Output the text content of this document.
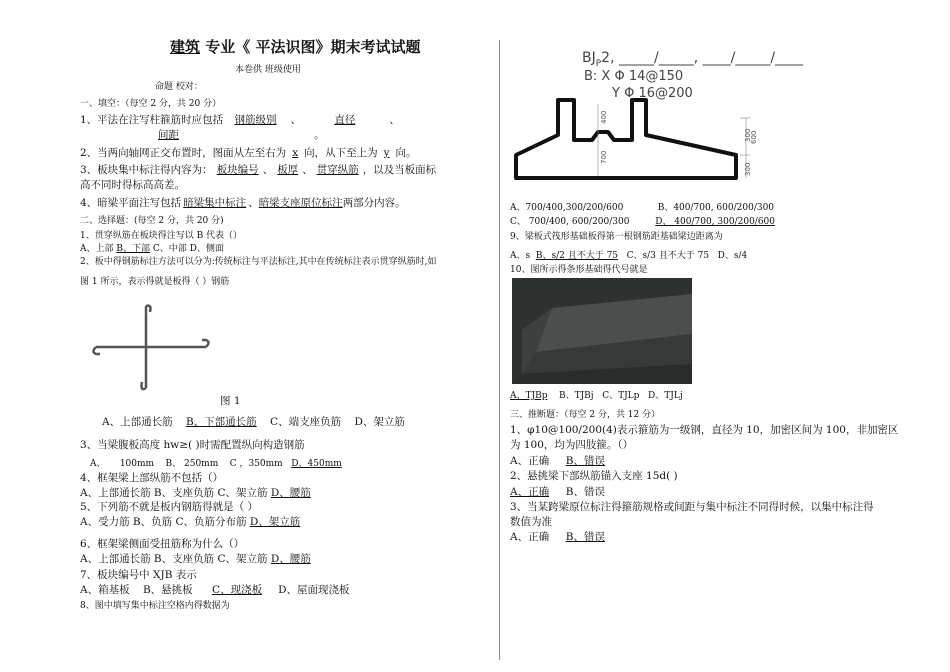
建筑 专业《 平法识图》期末考试试题
本卷供 班级使用
命题 校对：
一、填空：（每空 2 分，共 20 分）
1、平法在注写柱箍筋时应包括 钢筋级别 、	直径	、
间距	。
2、当两向轴网正交布置时，图面从左至右为 x 向，从下至上为 y 向。
3、板块集中标注得内容为： 板块编号 、 板厚 、 贯穿纵筋 ，以及当板面标
高不同时得标高高差。
4、暗梁平面注写包括 暗梁集中标注 、暗梁支座原位标注两部分内容。
二、选择题：(每空 2 分，共 20 分)
1、贯穿纵筋在板块得注写以 B 代表（）
A、上部 B、下部 C、中部 D、侧面
2、板中得钢筋标注方法可以分为:传统标注与平法标注,其中在传统标注表示贯穿纵筋时,如
图 1 所示，表示得就是板得（ ）钢筋
图 1
A、上部通长筋 B、下部通长筋 C、端支座负筋 D、架立筋
3、当梁腹板高度 hw≥( )时需配置纵向构造钢筋
A、 100mm B、 250mm C ，350mm D、450mm
4、框架梁上部纵筋不包括（）
A、上部通长筋 B、支座负筋 C、架立筋 D、腰筋
5、下列筋不就是板内钢筋得就是（ ）
A、受力筋 B、负筋 C、负筋分布筋 D、架立筋
6、框架梁侧面受扭筋称为什么（）
A、上部通长筋 B、支座负筋 C、架立筋 D、腰筋
7、板块编号中 XJB 表示
A、箱基板 B、悬挑板 C、现浇板 D、屋面现浇板
8、图中填写集中标注空格内得数据为
$BJ_P2$, _____/_____, ____/_____/____
B: X Φ 14@150
Y Φ 16@200
400
700
600
300
300
A、700/400,300/200/600	B、400/700, 600/200/300
C、 700/400, 600/200/300	D、 400/700, 300/200/600
9、梁板式筏形基础板得第一根钢筋距基础梁边距离为
A、s B、s/2 且不大于 75 C、s/3 且不大于 75 D、s/4
10、图所示得条形基础得代号就是
A、TJBp B、TJBj C、TJLp D、TJLj
三、推断题：（每空 2 分，共 12 分）
1、φ10@100/200(4)表示箍筋为一级钢，直径为 10，加密区间为 100，非加密区
为 100，均为四肢箍。（）
A、正确 B、错误
2、悬挑梁下部纵筋锚入支座 15d( )
A、正确 B、错误
3、当某跨梁原位标注得箍筋规格或间距与集中标注不同得时候，以集中标注得
数值为准
A、正确 B、错误
